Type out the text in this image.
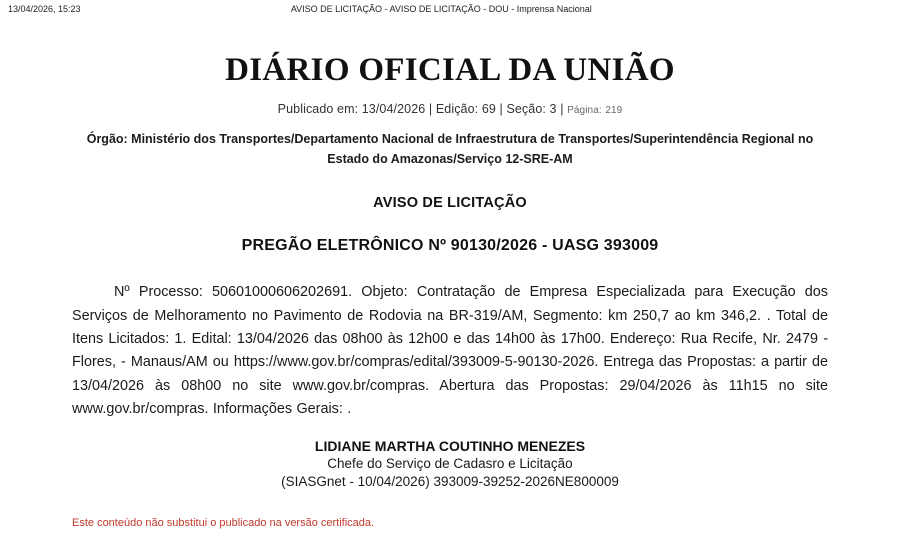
13/04/2026, 15:23	AVISO DE LICITAÇÃO - AVISO DE LICITAÇÃO - DOU - Imprensa Nacional
DIÁRIO OFICIAL DA UNIÃO
Publicado em: 13/04/2026 | Edição: 69 | Seção: 3 | Página: 219
Órgão: Ministério dos Transportes/Departamento Nacional de Infraestrutura de Transportes/Superintendência Regional no Estado do Amazonas/Serviço 12-SRE-AM
AVISO DE LICITAÇÃO
PREGÃO ELETRÔNICO Nº 90130/2026 - UASG 393009
Nº Processo: 50601000606202691. Objeto: Contratação de Empresa Especializada para Execução dos Serviços de Melhoramento no Pavimento de Rodovia na BR-319/AM, Segmento: km 250,7 ao km 346,2. . Total de Itens Licitados: 1. Edital: 13/04/2026 das 08h00 às 12h00 e das 14h00 às 17h00. Endereço: Rua Recife, Nr. 2479 - Flores, - Manaus/AM ou https://www.gov.br/compras/edital/393009-5-90130-2026. Entrega das Propostas: a partir de 13/04/2026 às 08h00 no site www.gov.br/compras. Abertura das Propostas: 29/04/2026 às 11h15 no site www.gov.br/compras. Informações Gerais: .
LIDIANE MARTHA COUTINHO MENEZES
Chefe do Serviço de Cadasro e Licitação
(SIASGnet - 10/04/2026) 393009-39252-2026NE800009
Este conteúdo não substitui o publicado na versão certificada.
